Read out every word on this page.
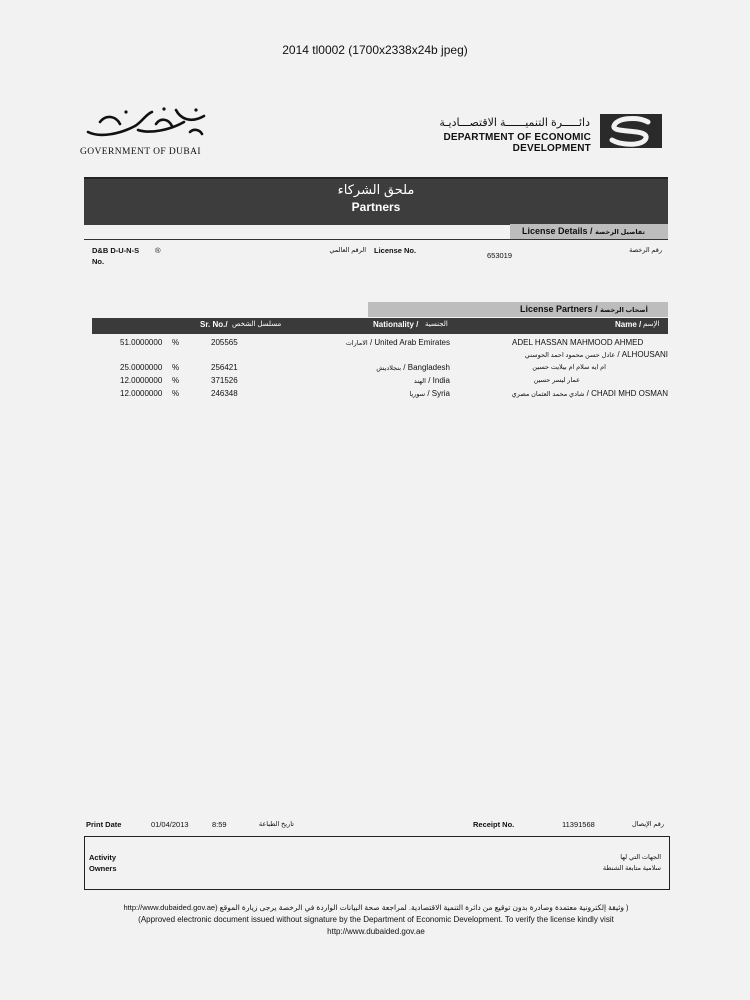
2014 tl0002 (1700x2338x24b jpeg)
GOVERNMENT OF DUBAI
دائـــــرة التنميــــــة الاقتصـــاديـة
DEPARTMENT OF ECONOMIC DEVELOPMENT
ملحق الشركاء
Partners
License Details / تفاصيل الرخصة
D&B D-U-N-S ®
No.
الرقم العالمي License No.
653019
رقم الرخصة
License Partners / أصحاب الرخصة
Sr. No./ مسلسل الشخص	Nationality / الجنسية	Name / الإسم
51.0000000 %	205565	الامارات / United Arab Emirates	ADEL HASSAN MAHMOOD AHMED
عادل حسن محمود احمد الحوسني / ALHOUSANI
25.0000000 %	256421	بنجلاديش / Bangladesh	ام ايه سلام ام بيلايت حسين
12.0000000 %	371526	الهند / India	عمار ليسر حسين
12.0000000 %	246348	سوريا / Syria	شادي محمد العثمان مصري / CHADI MHD OSMAN
Print Date	01/04/2013	8:59	تاريخ الطباعة	Receipt No.	11391568	رقم الإيصال
Activity
Owners
الجهات التي لها
سلامية متابعة الشنطة
( وثيقة إلكترونية معتمدة وصادرة بدون توقيع من دائرة التنمية الاقتصادية. لمراجعة صحة البيانات الواردة في الرخصة يرجى زيارة الموقع (http://www.dubaided.gov.ae
(Approved electronic document issued without signature by the Department of Economic Development. To verify the license kindly visit
http://www.dubaided.gov.ae
